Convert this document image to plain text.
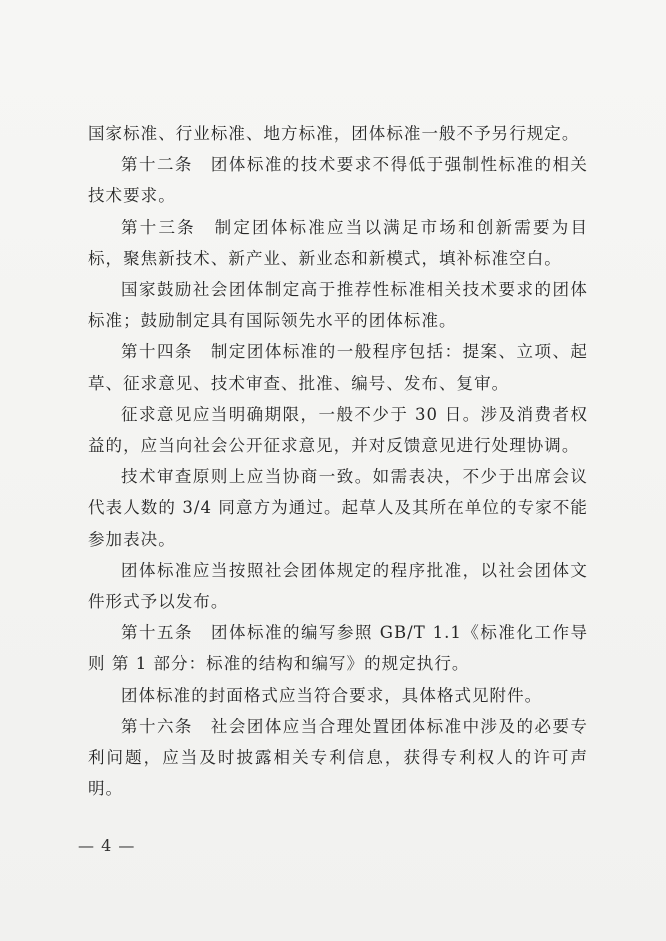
国家标准、行业标准、地方标准，团体标准一般不予另行规定。

第十二条　团体标准的技术要求不得低于强制性标准的相关技术要求。

第十三条　制定团体标准应当以满足市场和创新需要为目标，聚焦新技术、新产业、新业态和新模式，填补标准空白。

国家鼓励社会团体制定高于推荐性标准相关技术要求的团体标准；鼓励制定具有国际领先水平的团体标准。

第十四条　制定团体标准的一般程序包括：提案、立项、起草、征求意见、技术审查、批准、编号、发布、复审。

征求意见应当明确期限，一般不少于 30 日。涉及消费者权益的，应当向社会公开征求意见，并对反馈意见进行处理协调。

技术审查原则上应当协商一致。如需表决，不少于出席会议代表人数的 3/4 同意方为通过。起草人及其所在单位的专家不能参加表决。

团体标准应当按照社会团体规定的程序批准，以社会团体文件形式予以发布。

第十五条　团体标准的编写参照 GB/T 1.1《标准化工作导则 第 1 部分：标准的结构和编写》的规定执行。

团体标准的封面格式应当符合要求，具体格式见附件。

第十六条　社会团体应当合理处置团体标准中涉及的必要专利问题，应当及时披露相关专利信息，获得专利权人的许可声明。

— 4 —
